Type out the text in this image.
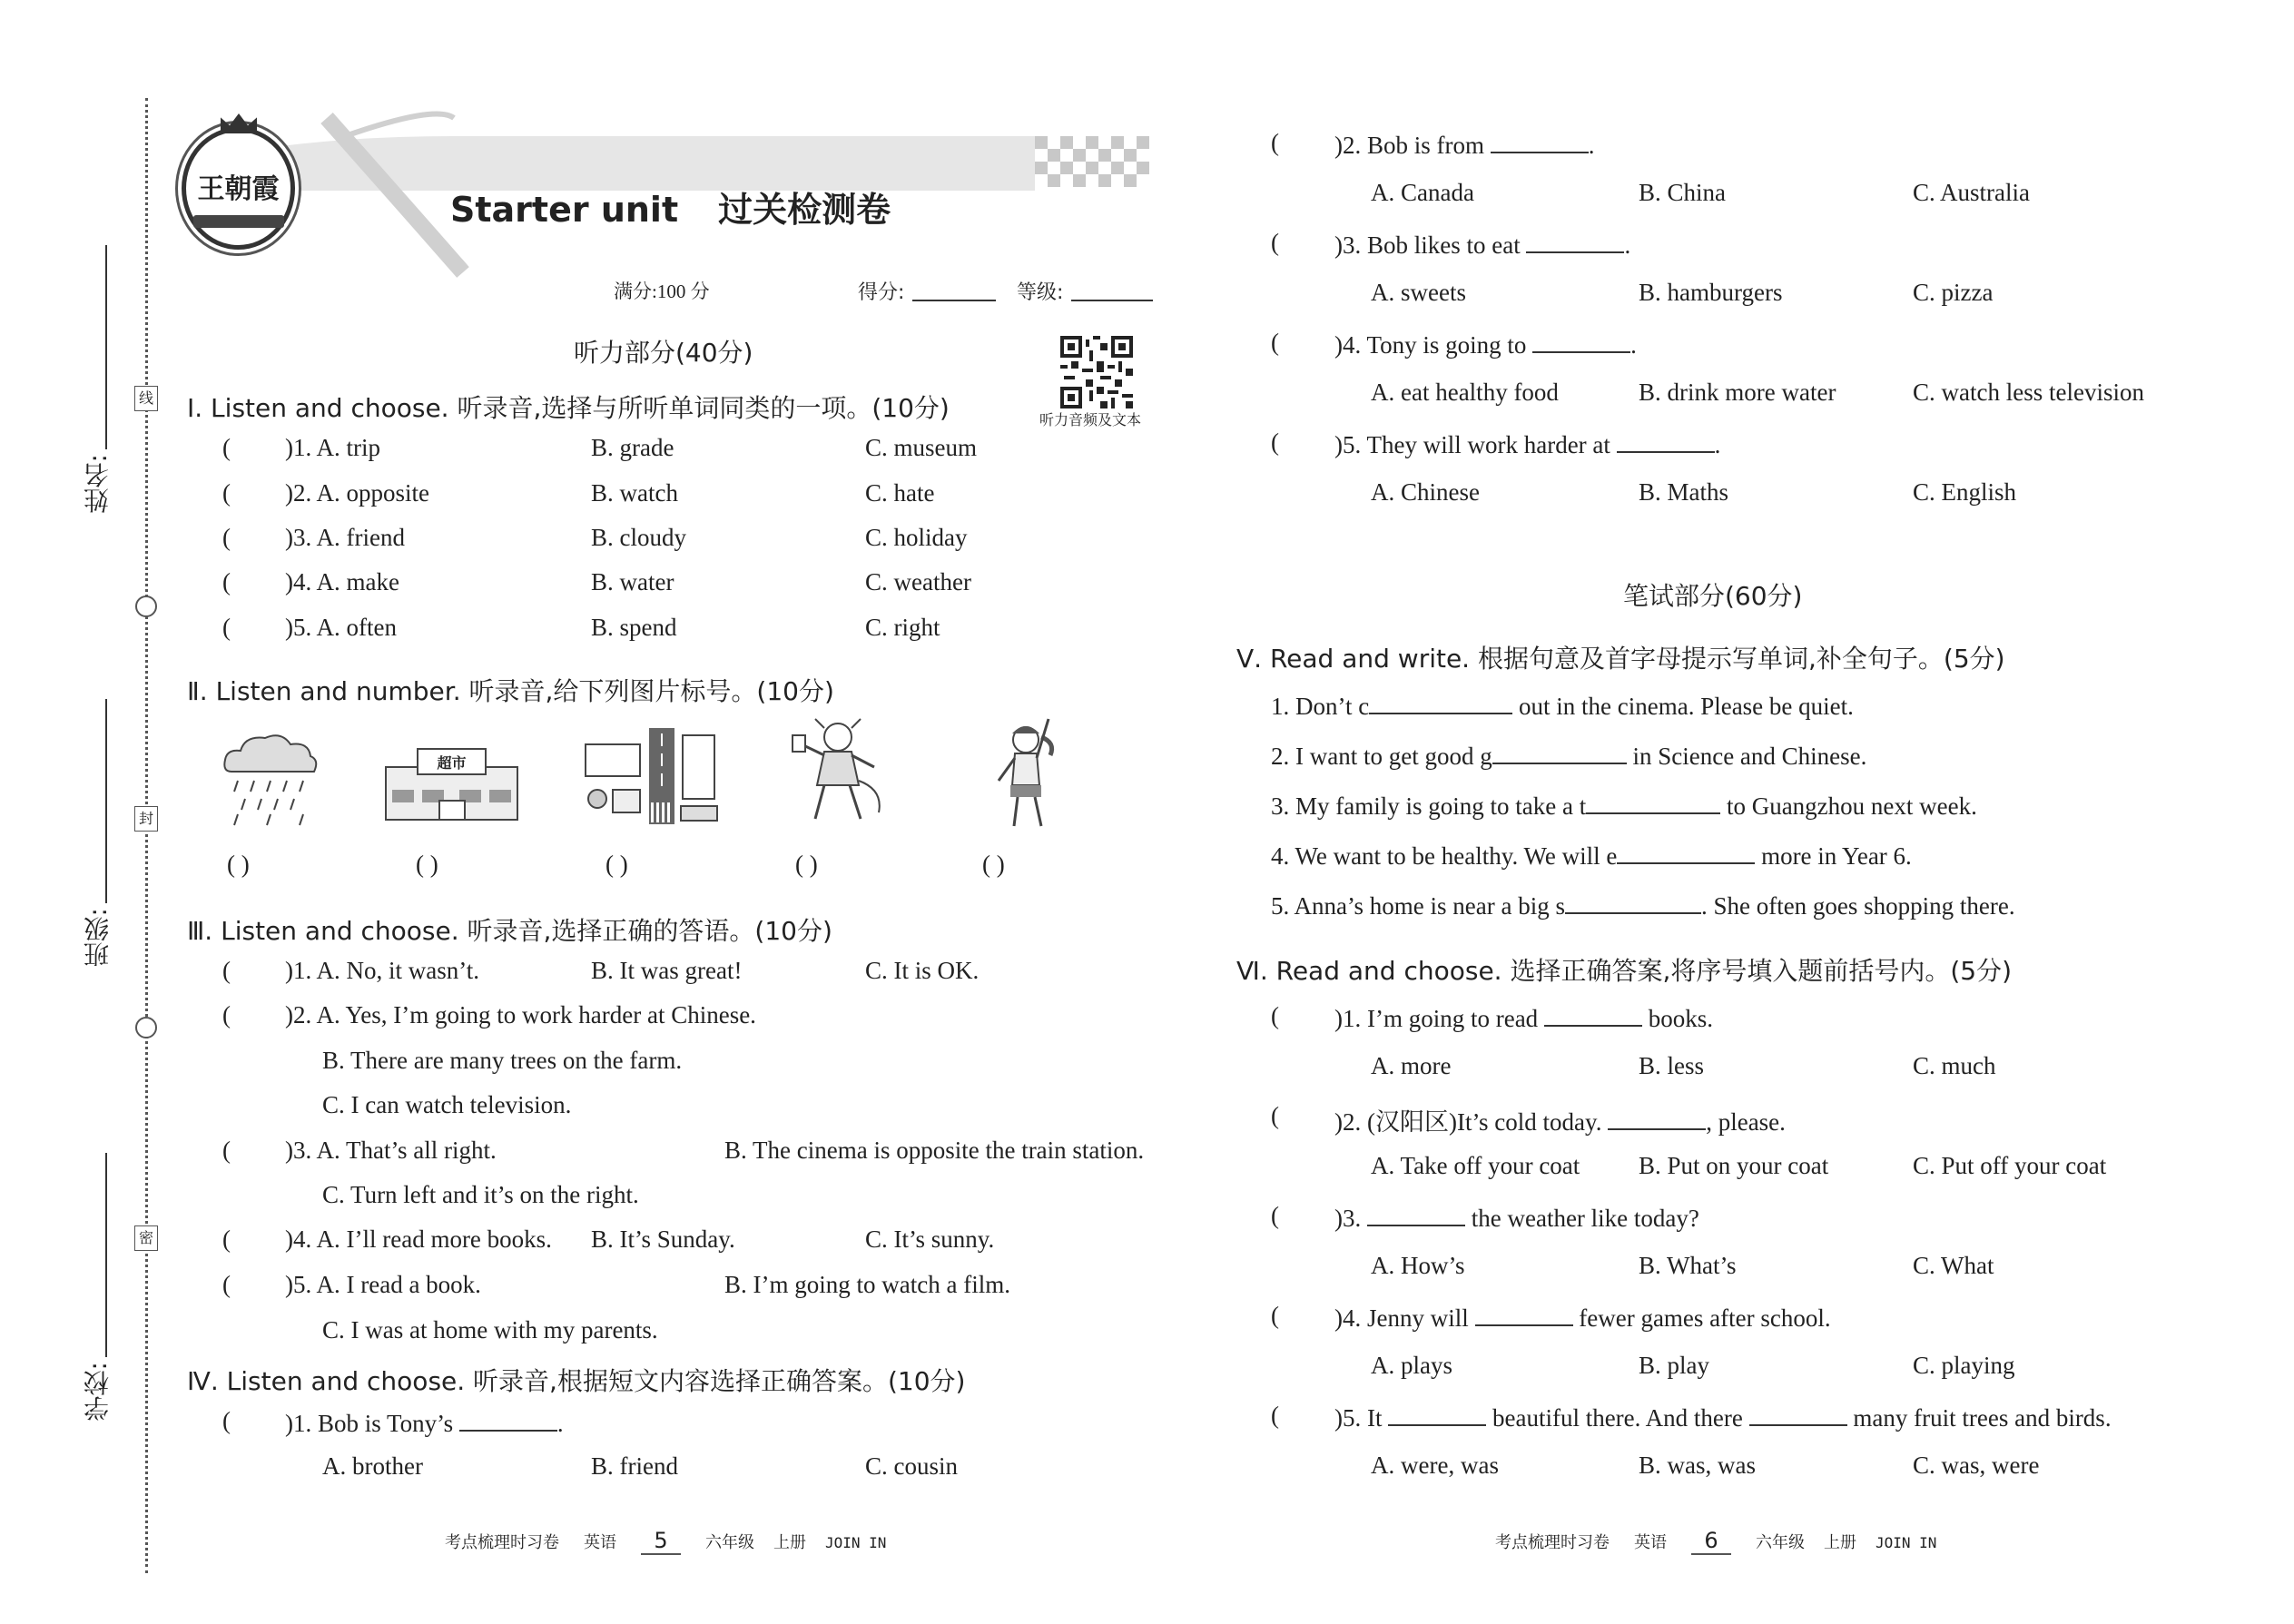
线
封
密
姓名:
班级:
学校:
王朝霞
Starter unit 过关检测卷
满分:100 分	得分:	等级:
听力部分(40分)
听力音频及文本
Ⅰ. Listen and choose. 听录音,选择与所听单词同类的一项。(10分)
( )1. A. trip	B. grade	C. museum
( )2. A. opposite	B. watch	C. hate
( )3. A. friend	B. cloudy	C. holiday
( )4. A. make	B. water	C. weather
( )5. A. often	B. spend	C. right
Ⅱ. Listen and number. 听录音,给下列图片标号。(10分)
超市
( )	( )	( )	( )	( )
Ⅲ. Listen and choose. 听录音,选择正确的答语。(10分)
( )1. A. No, it wasn’t.	B. It was great!	C. It is OK.
( )2. A. Yes, I’m going to work harder at Chinese.
B. There are many trees on the farm.
C. I can watch television.
( )3. A. That’s all right.	B. The cinema is opposite the train station.
C. Turn left and it’s on the right.
( )4. A. I’ll read more books. B. It’s Sunday.	C. It’s sunny.
( )5. A. I read a book.	B. I’m going to watch a film.
C. I was at home with my parents.
Ⅳ. Listen and choose. 听录音,根据短文内容选择正确答案。(10分)
( )1. Bob is Tony’s	.
A. brother	B. friend	C. cousin
考点梳理时习卷 英语 5 六年级 上册 JOIN IN
( )2. Bob is from	.
A. Canada	B. China	C. Australia
( )3. Bob likes to eat	.
A. sweets	B. hamburgers	C. pizza
( )4. Tony is going to	.
A. eat healthy food	B. drink more water	C. watch less television
( )5. They will work harder at	.
A. Chinese	B. Maths	C. English
笔试部分(60分)
Ⅴ. Read and write. 根据句意及首字母提示写单词,补全句子。(5分)
1. Don’t c	out in the cinema. Please be quiet.
2. I want to get good g	in Science and Chinese.
3. My family is going to take a t	to Guangzhou next week.
4. We want to be healthy. We will e	more in Year 6.
5. Anna’s home is near a big s	. She often goes shopping there.
Ⅵ. Read and choose. 选择正确答案,将序号填入题前括号内。(5分)
( )1. I’m going to read	books.
A. more	B. less	C. much
( )2. (汉阳区)It’s cold today.	, please.
A. Take off your coat B. Put on your coat	C. Put off your coat
( )3.	the weather like today?
A. How’s	B. What’s	C. What
( )4. Jenny will	fewer games after school.
A. plays	B. play	C. playing
( )5. It	beautiful there. And there	many fruit trees and birds.
A. were, was	B. was, was	C. was, were
考点梳理时习卷 英语 6 六年级 上册 JOIN IN
